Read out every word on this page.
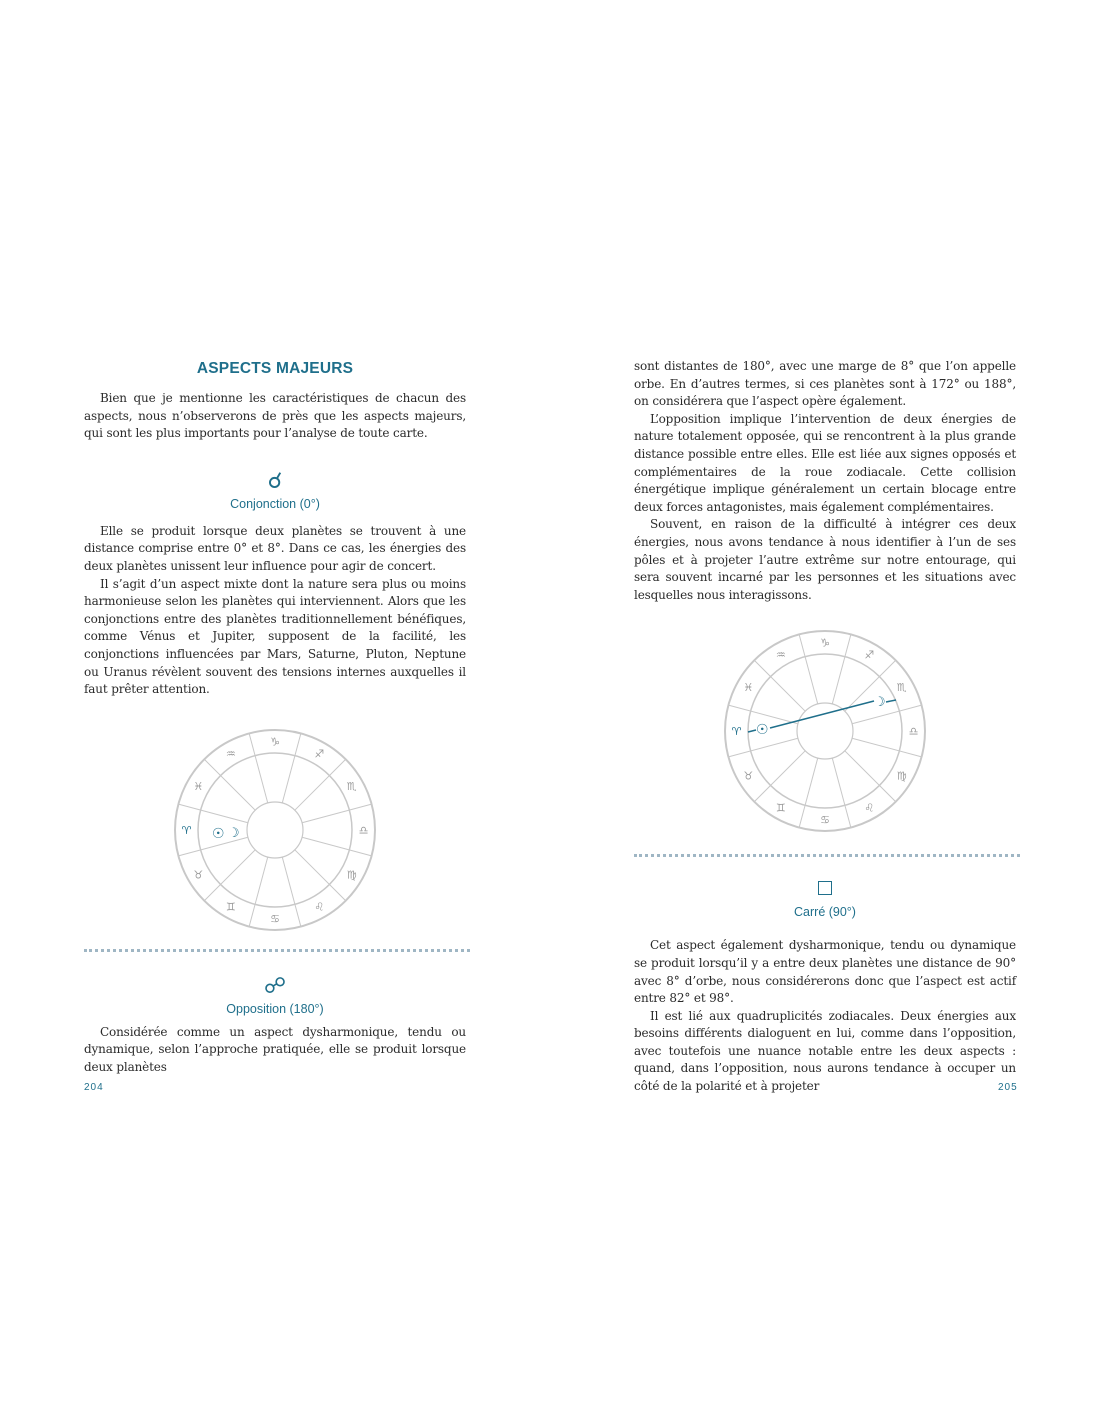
ASPECTS MAJEURS

Bien que je mentionne les caractéristiques de chacun des aspects, nous n’observerons de près que les aspects majeurs, qui sont les plus importants pour l’analyse de toute carte.

☌
Conjonction (0°)

Elle se produit lorsque deux planètes se trouvent à une distance comprise entre 0° et 8°. Dans ce cas, les énergies des deux planètes unissent leur influence pour agir de concert.

Il s’agit d’un aspect mixte dont la nature sera plus ou moins harmonieuse selon les planètes qui interviennent. Alors que les conjonctions entre des planètes traditionnellement bénéfiques, comme Vénus et Jupiter, supposent de la facilité, les conjonctions influencées par Mars, Saturne, Pluton, Neptune ou Uranus révèlent souvent des tensions internes auxquelles il faut prêter attention.

♈
♓
♒
♑
♐
♏
♎
♍
♌
♋
♊
♉
☉ ☽
☍
Opposition (180°)

Considérée comme un aspect dysharmonique, tendu ou dynamique, selon l’approche pratiquée, elle se produit lorsque deux planètes

204

sont distantes de 180°, avec une marge de 8° que l’on appelle orbe. En d’autres termes, si ces planètes sont à 172° ou 188°, on considérera que l’aspect opère également.

L’opposition implique l’intervention de deux énergies de nature totalement opposée, qui se rencontrent à la plus grande distance possible entre elles. Elle est liée aux signes opposés et complémentaires de la roue zodiacale. Cette collision énergétique implique généralement un certain blocage entre deux forces antagonistes, mais également complémentaires.

Souvent, en raison de la difficulté à intégrer ces deux énergies, nous avons tendance à nous identifier à l’un de ses pôles et à projeter l’autre extrême sur notre entourage, qui sera souvent incarné par les personnes et les situations avec lesquelles nous interagissons.

♈
♓
♒
♑
♐
♏
♎
♍
♌
♋
♊
♉
☉
☽
Carré (90°)

Cet aspect également dysharmonique, tendu ou dynamique se produit lorsqu’il y a entre deux planètes une distance de 90° avec 8° d’orbe, nous considérerons donc que l’aspect est actif entre 82° et 98°.

Il est lié aux quadruplicités zodiacales. Deux énergies aux besoins différents dialoguent en lui, comme dans l’opposition, avec toutefois une nuance notable entre les deux aspects : quand, dans l’opposition, nous aurons tendance à occuper un côté de la polarité et à projeter	205
